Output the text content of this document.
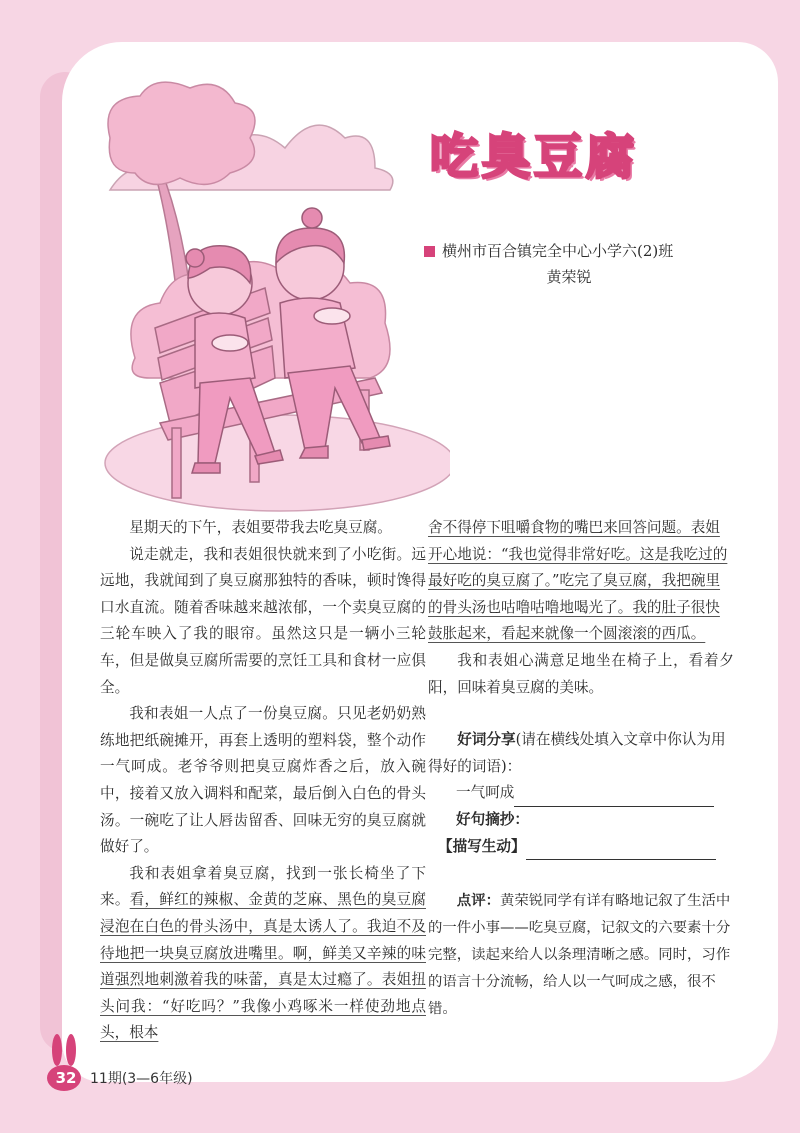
吃臭豆腐
横州市百合镇完全中心小学六(2)班
黄荣锐

星期天的下午，表姐要带我去吃臭豆腐。

说走就走，我和表姐很快就来到了小吃街。远远地，我就闻到了臭豆腐那独特的香味，顿时馋得口水直流。随着香味越来越浓郁，一个卖臭豆腐的三轮车映入了我的眼帘。虽然这只是一辆小三轮车，但是做臭豆腐所需要的烹饪工具和食材一应俱全。

我和表姐一人点了一份臭豆腐。只见老奶奶熟练地把纸碗摊开，再套上透明的塑料袋，整个动作一气呵成。老爷爷则把臭豆腐炸香之后，放入碗中，接着又放入调料和配菜，最后倒入白色的骨头汤。一碗吃了让人唇齿留香、回味无穷的臭豆腐就做好了。

我和表姐拿着臭豆腐，找到一张长椅坐了下来。看，鲜红的辣椒、金黄的芝麻、黑色的臭豆腐浸泡在白色的骨头汤中，真是太诱人了。我迫不及待地把一块臭豆腐放进嘴里。啊，鲜美又辛辣的味道强烈地刺激着我的味蕾，真是太过瘾了。表姐扭头问我：“好吃吗？”我像小鸡啄米一样使劲地点头，根本

舍不得停下咀嚼食物的嘴巴来回答问题。表姐开心地说：“我也觉得非常好吃。这是我吃过的最好吃的臭豆腐了。”吃完了臭豆腐，我把碗里的骨头汤也咕噜咕噜地喝光了。我的肚子很快鼓胀起来，看起来就像一个圆滚滚的西瓜。

我和表姐心满意足地坐在椅子上，看着夕阳，回味着臭豆腐的美味。

好词分享(请在横线处填入文章中你认为用得好的词语)：

一气呵成

好句摘抄：

【描写生动】

点评：黄荣锐同学有详有略地记叙了生活中的一件小事——吃臭豆腐，记叙文的六要素十分完整，读起来给人以条理清晰之感。同时，习作的语言十分流畅，给人以一气呵成之感，很不错。

32 11期(3—6年级)
